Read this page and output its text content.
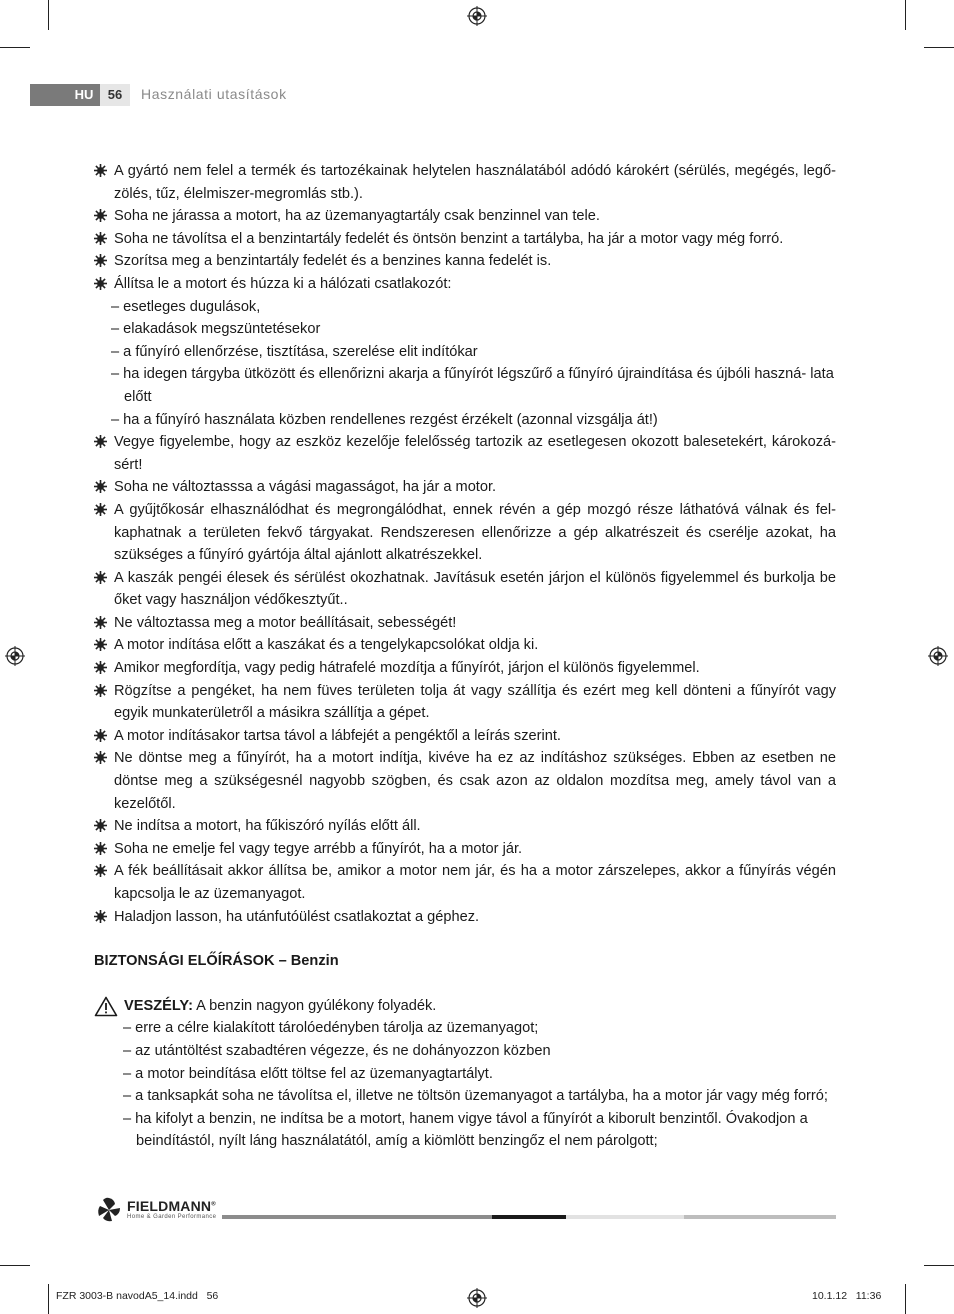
HU	56	Használati utasítások
A gyártó nem felel a termék és tartozékainak helytelen használatából adódó károkért (sérülés, megégés, legő- zölés, tűz, élelmiszer-megromlás stb.).
Soha ne járassa a motort, ha az üzemanyagtartály csak benzinnel van tele.
Soha ne távolítsa el a benzintartály fedelét és öntsön benzint a tartályba, ha jár a motor vagy még forró.
Szorítsa meg a benzintartály fedelét és a benzines kanna fedelét is.
Állítsa le a motort és húzza ki a hálózati csatlakozót:
– esetleges dugulások,
– elakadások megszüntetésekor
– a fűnyíró ellenőrzése, tisztítása, szerelése elit indítókar
– ha idegen tárgyba ütközött és ellenőrizni akarja a fűnyírót légszűrő a fűnyíró újraindítása és újbóli haszná- lata előtt
– ha a fűnyíró használata közben rendellenes rezgést érzékelt (azonnal vizsgálja át!)
Vegye figyelembe, hogy az eszköz kezelője felelősség tartozik az esetlegesen okozott balesetekért, károkozá- sért!
Soha ne változtasssa a vágási magasságot, ha jár a motor.
A gyűjtőkosár elhasználódhat és megrongálódhat, ennek révén a gép mozgó része láthatóvá válnak és fel- kaphatnak a területen fekvő tárgyakat. Rendszeresen ellenőrizze a gép alkatrészeit és cserélje azokat, ha szükséges a fűnyíró gyártója által ajánlott alkatrészekkel.
A kaszák pengéi élesek és sérülést okozhatnak. Javításuk esetén járjon el különös figyelemmel és burkolja be őket vagy használjon védőkesztyűt..
Ne változtassa meg a motor beállításait, sebességét!
A motor indítása előtt a kaszákat és a tengelykapcsolókat oldja ki.
Amikor megfordítja, vagy pedig hátrafelé mozdítja a fűnyírót, járjon el különös figyelemmel.
Rögzítse a pengéket, ha nem füves területen tolja át vagy szállítja és ezért meg kell dönteni a fűnyírót vagy egyik munkaterületről a másikra szállítja a gépet.
A motor indításakor tartsa távol a lábfejét a pengéktől a leírás szerint.
Ne döntse meg a fűnyírót, ha a motort indítja, kivéve ha ez az indításhoz szükséges. Ebben az esetben ne döntse meg a szükségesnél nagyobb szögben, és csak azon az oldalon mozdítsa meg, amely távol van a kezelőtől.
Ne indítsa a motort, ha fűkiszóró nyílás előtt áll.
Soha ne emelje fel vagy tegye arrébb a fűnyírót, ha a motor jár.
A fék beállításait akkor állítsa be, amikor a motor nem jár, és ha a motor zárszelepes, akkor a fűnyírás végén kapcsolja le az üzemanyagot.
Haladjon lasson, ha utánfutóülést csatlakoztat a géphez.
BIZTONSÁGI ELŐÍRÁSOK – Benzin
VESZÉLY: A benzin nagyon gyúlékony folyadék.
– erre a célre kialakított tárolóedényben tárolja az üzemanyagot;
– az utántöltést szabadtéren végezze, és ne dohányozzon közben
– a motor beindítása előtt töltse fel az üzemanyagtartályt.
– a tanksapkát soha ne távolítsa el, illetve ne töltsön üzemanyagot a tartályba, ha a motor jár vagy még forró;
– ha kifolyt a benzin, ne indítsa be a motort, hanem vigye távol a fűnyírót a kiborult benzintől. Óvakodjon a beindítástól, nyílt láng használatától, amíg a kiömlött benzingőz el nem párolgott;
FIELDMANN®
Home & Garden Performance
FZR 3003-B navodA5_14.indd   56	10.1.12   11:36
